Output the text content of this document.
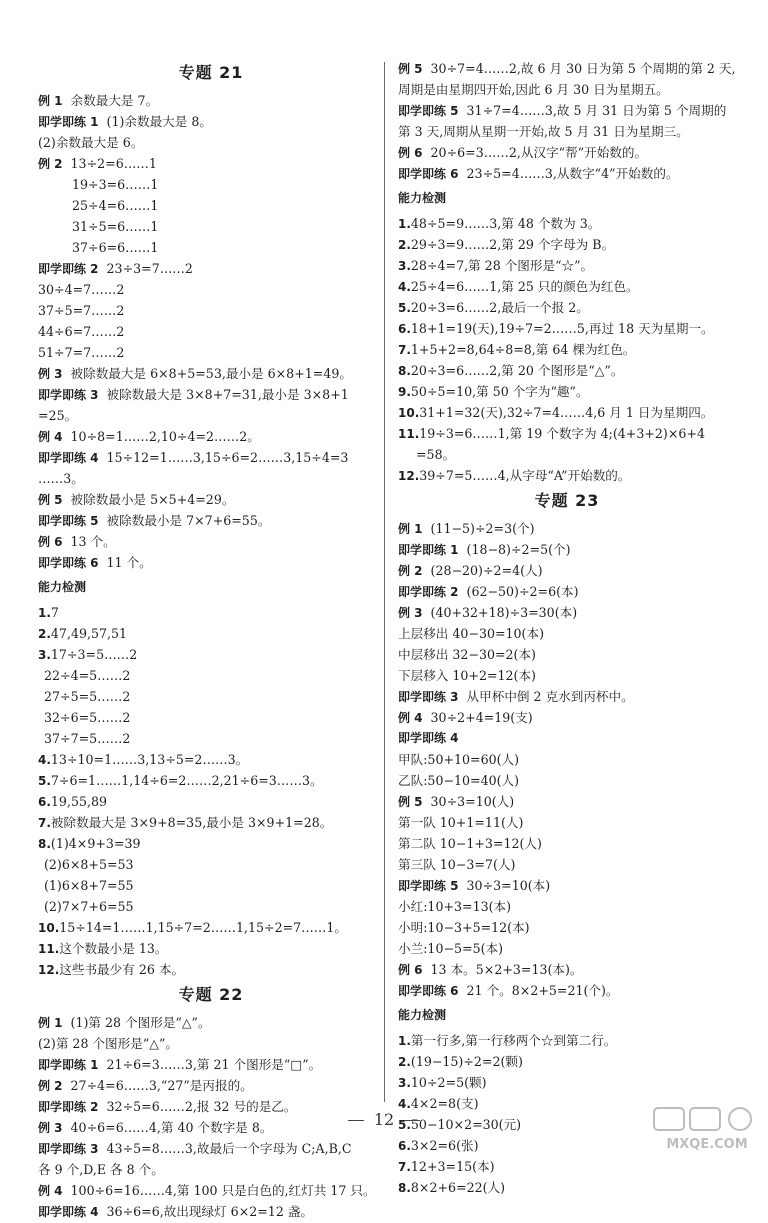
专题 21
例 1 余数最大是 7。
即学即练 1 (1)余数最大是 8。
(2)余数最大是 6。
例 2 13÷2=6……1
19÷3=6……1
25÷4=6……1
31÷5=6……1
37÷6=6……1
即学即练 2 23÷3=7……2
30÷4=7……2
37÷5=7……2
44÷6=7……2
51÷7=7……2
例 3 被除数最大是 6×8+5=53,最小是 6×8+1=49。
即学即练 3 被除数最大是 3×8+7=31,最小是 3×8+1
=25。
例 4 10÷8=1……2,10÷4=2……2。
即学即练 4 15÷12=1……3,15÷6=2……3,15÷4=3
……3。
例 5 被除数最小是 5×5+4=29。
即学即练 5 被除数最小是 7×7+6=55。
例 6 13 个。
即学即练 6 11 个。
能力检测
1.7
2.47,49,57,51
3.17÷3=5……2
22÷4=5……2
27÷5=5……2
32÷6=5……2
37÷7=5……2
4.13÷10=1……3,13÷5=2……3。
5.7÷6=1……1,14÷6=2……2,21÷6=3……3。
6.19,55,89
7.被除数最大是 3×9+8=35,最小是 3×9+1=28。
8.(1)4×9+3=39
(2)6×8+5=53
(1)6×8+7=55
(2)7×7+6=55
10.15÷14=1……1,15÷7=2……1,15÷2=7……1。
11.这个数最小是 13。
12.这些书最少有 26 本。
专题 22
例 1 (1)第 28 个图形是“△”。
(2)第 28 个图形是“△”。
即学即练 1 21÷6=3……3,第 21 个图形是“□”。
例 2 27÷4=6……3,“27”是丙报的。
即学即练 2 32÷5=6……2,报 32 号的是乙。
例 3 40÷6=6……4,第 40 个数字是 8。
即学即练 3 43÷5=8……3,故最后一个字母为 C;A,B,C
各 9 个,D,E 各 8 个。
例 4 100÷6=16……4,第 100 只是白色的,红灯共 17 只。
即学即练 4 36÷6=6,故出现绿灯 6×2=12 盏。
例 5 30÷7=4……2,故 6 月 30 日为第 5 个周期的第 2 天,
周期是由星期四开始,因此 6 月 30 日为星期五。
即学即练 5 31÷7=4……3,故 5 月 31 日为第 5 个周期的
第 3 天,周期从星期一开始,故 5 月 31 日为星期三。
例 6 20÷6=3……2,从汉字“帮”开始数的。
即学即练 6 23÷5=4……3,从数字“4”开始数的。
能力检测
1.48÷5=9……3,第 48 个数为 3。
2.29÷3=9……2,第 29 个字母为 B。
3.28÷4=7,第 28 个图形是“☆”。
4.25÷4=6……1,第 25 只的颜色为红色。
5.20÷3=6……2,最后一个报 2。
6.18+1=19(天),19÷7=2……5,再过 18 天为星期一。
7.1+5+2=8,64÷8=8,第 64 棵为红色。
8.20÷3=6……2,第 20 个图形是“△”。
9.50÷5=10,第 50 个字为“趣”。
10.31+1=32(天),32÷7=4……4,6 月 1 日为星期四。
11.19÷3=6……1,第 19 个数字为 4;(4+3+2)×6+4
=58。
12.39÷7=5……4,从字母“A”开始数的。
专题 23
例 1 (11−5)÷2=3(个)
即学即练 1 (18−8)÷2=5(个)
例 2 (28−20)÷2=4(人)
即学即练 2 (62−50)÷2=6(本)
例 3 (40+32+18)÷3=30(本)
上层移出 40−30=10(本)
中层移出 32−30=2(本)
下层移入 10+2=12(本)
即学即练 3 从甲杯中倒 2 克水到丙杯中。
例 4 30÷2+4=19(支)
即学即练 4
甲队:50+10=60(人)
乙队:50−10=40(人)
例 5 30÷3=10(人)
第一队 10+1=11(人)
第二队 10−1+3=12(人)
第三队 10−3=7(人)
即学即练 5 30÷3=10(本)
小红:10+3=13(本)
小明:10−3+5=12(本)
小兰:10−5=5(本)
例 6 13 本。5×2+3=13(本)。
即学即练 6 21 个。8×2+5=21(个)。
能力检测
1.第一行多,第一行移两个☆到第二行。
2.(19−15)÷2=2(颗)
3.10÷2=5(颗)
4.4×2=8(支)
5.50−10×2=30(元)
6.3×2=6(张)
7.12+3=15(本)
8.8×2+6=22(人)
12
MXQE.COM
